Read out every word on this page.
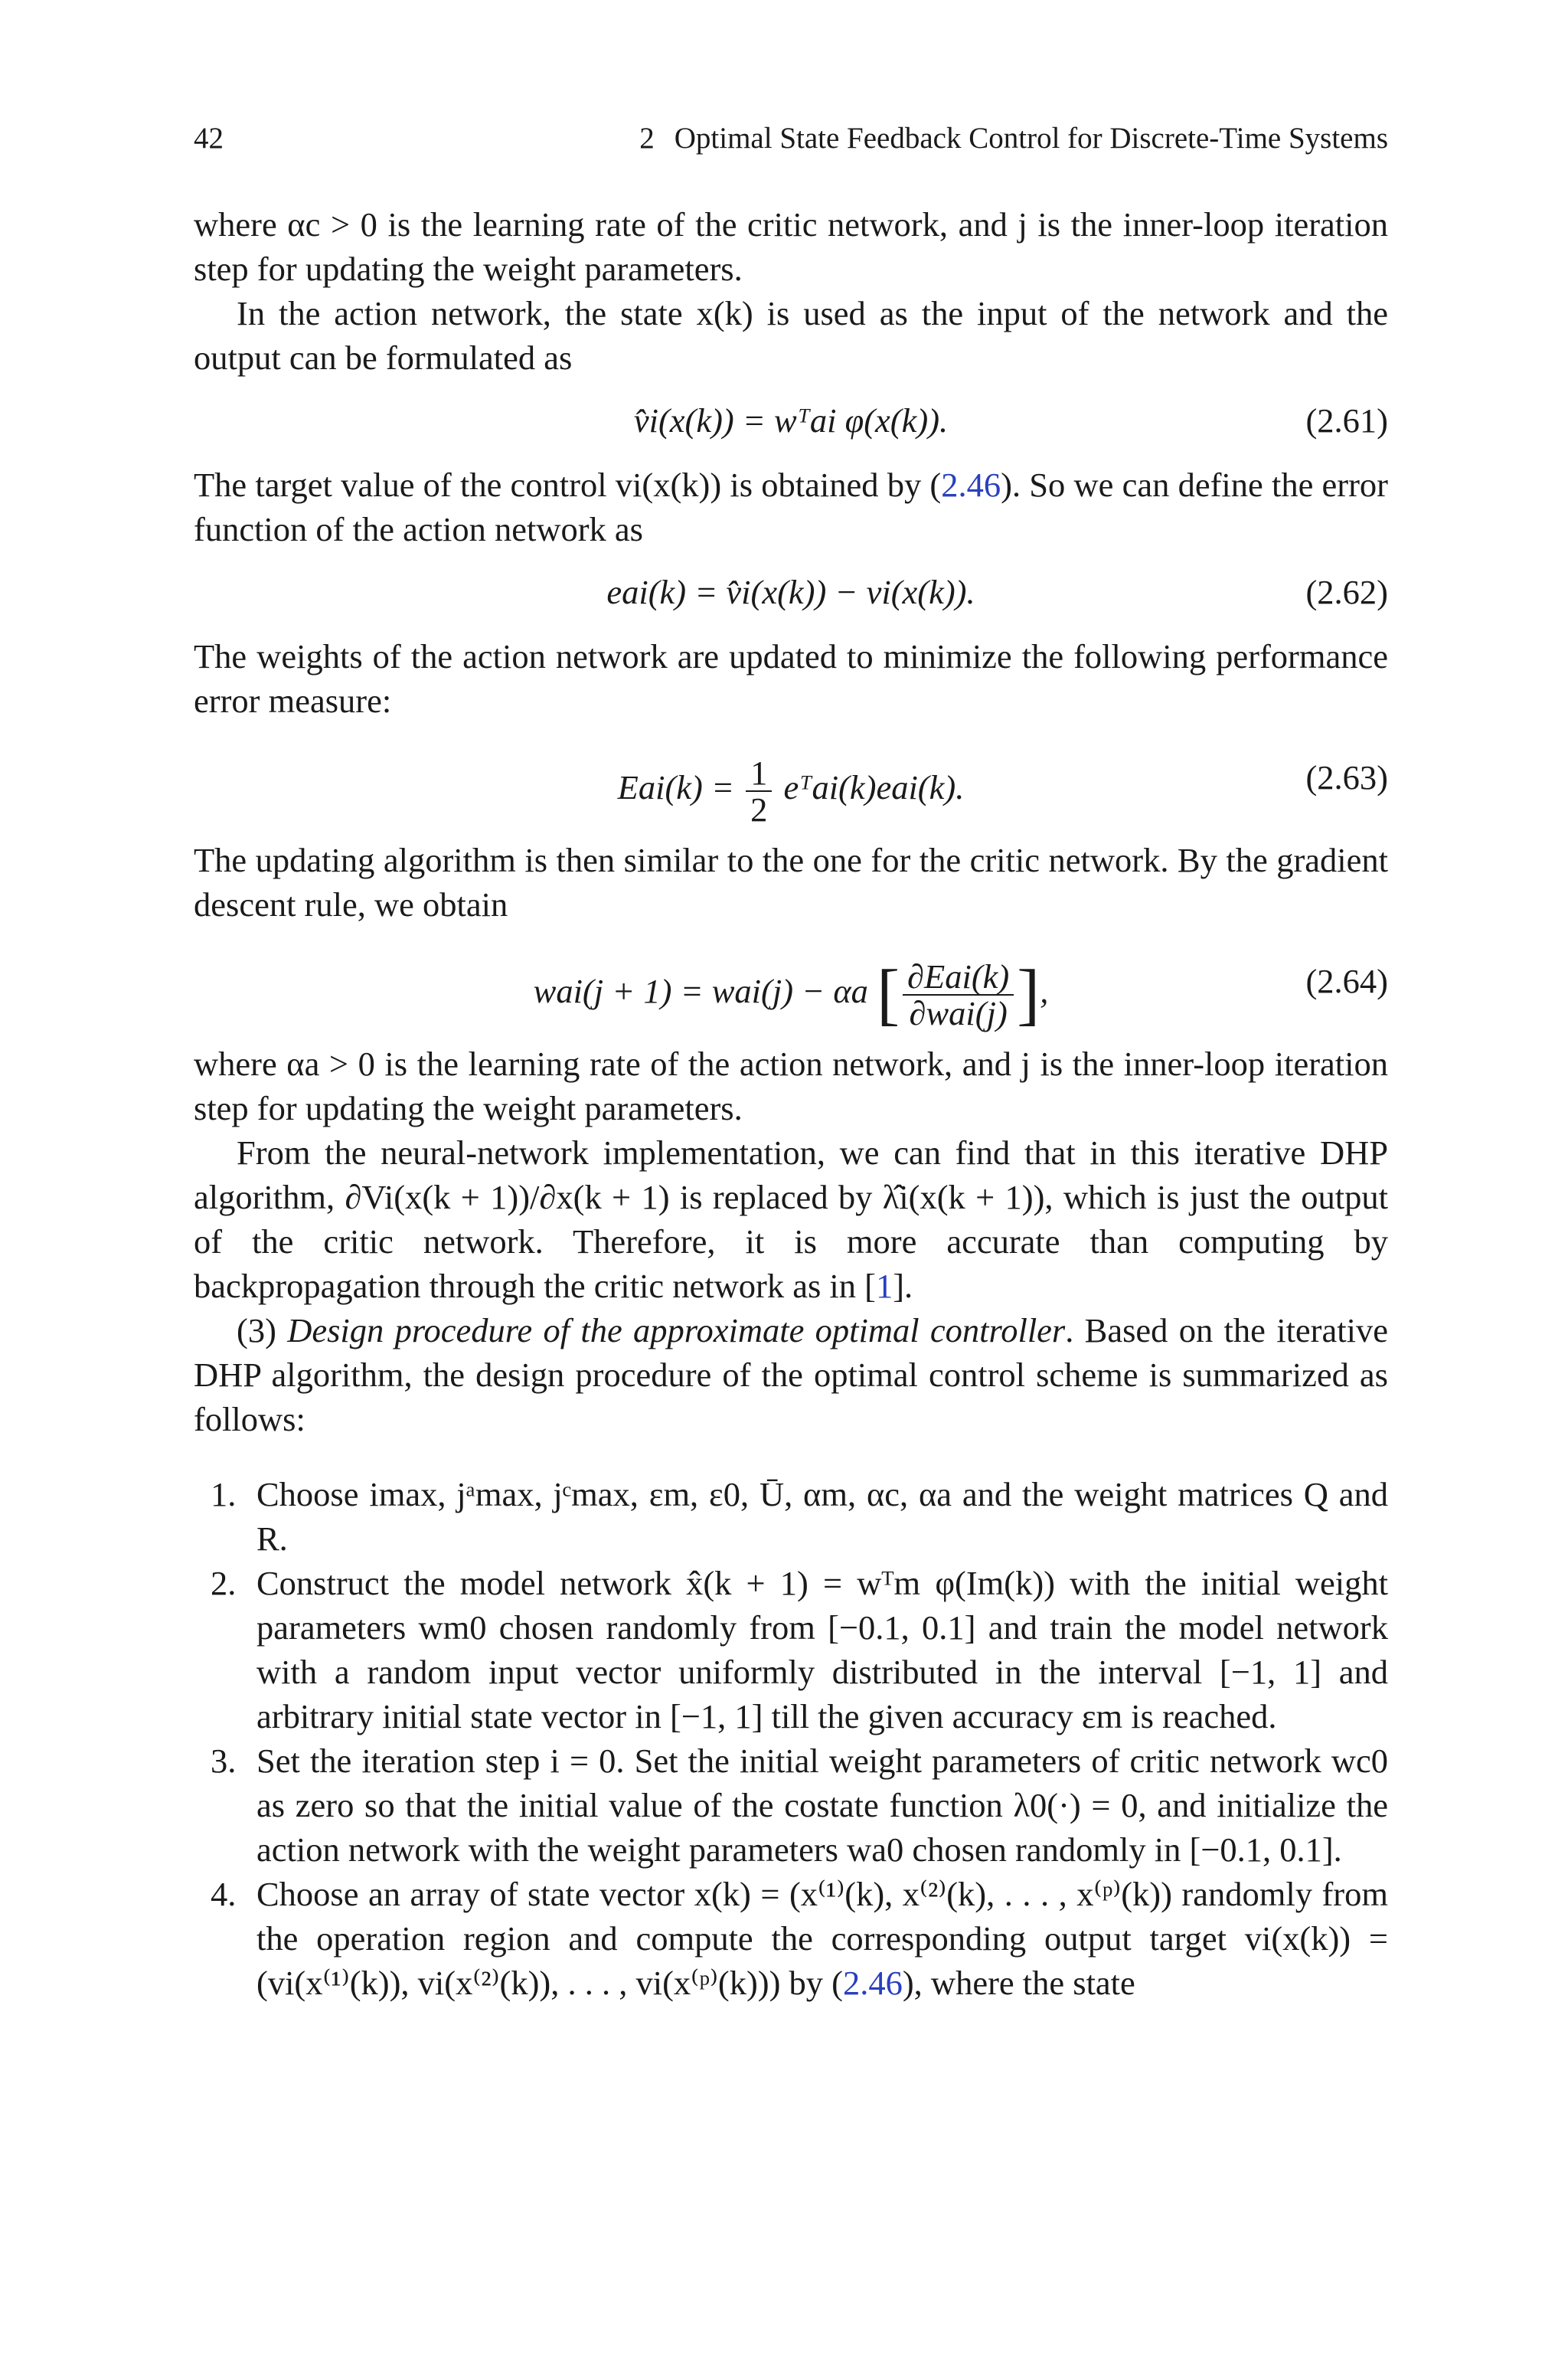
42	2 Optimal State Feedback Control for Discrete-Time Systems

where αc > 0 is the learning rate of the critic network, and j is the inner-loop iteration step for updating the weight parameters.

In the action network, the state x(k) is used as the input of the network and the output can be formulated as

v̂i(x(k)) = wᵀai φ(x(k)).	(2.61)

The target value of the control vi(x(k)) is obtained by (2.46). So we can define the error function of the action network as

eai(k) = v̂i(x(k)) − vi(x(k)).	(2.62)

The weights of the action network are updated to minimize the following performance error measure:

$Eai(k) = \frac{1}{2}$ eᵀai(k)eai(k).	(2.63)

The updating algorithm is then similar to the one for the critic network. By the gradient descent rule, we obtain

wai(j + 1) = wai(j) − αa [ $\frac{\text{∂Eai(k)}}{\text{∂wai(j)}}$ ],	(2.64)

where αa > 0 is the learning rate of the action network, and j is the inner-loop iteration step for updating the weight parameters.

From the neural-network implementation, we can find that in this iterative DHP algorithm, ∂Vi(x(k + 1))/∂x(k + 1) is replaced by λ̂i(x(k + 1)), which is just the output of the critic network. Therefore, it is more accurate than computing by backpropagation through the critic network as in [1].

(3) Design procedure of the approximate optimal controller. Based on the iterative DHP algorithm, the design procedure of the optimal control scheme is summarized as follows:

1. Choose imax, jᵃmax, jᶜmax, εm, ε0, Ū, αm, αc, αa and the weight matrices Q and R.
2. Construct the model network x̂(k + 1) = wᵀm φ(Im(k)) with the initial weight parameters wm0 chosen randomly from [−0.1, 0.1] and train the model network with a random input vector uniformly distributed in the interval [−1, 1] and arbitrary initial state vector in [−1, 1] till the given accuracy εm is reached.
3. Set the iteration step i = 0. Set the initial weight parameters of critic network wc0 as zero so that the initial value of the costate function λ0(·) = 0, and initialize the action network with the weight parameters wa0 chosen randomly in [−0.1, 0.1].
4. Choose an array of state vector x(k) = (x⁽¹⁾(k), x⁽²⁾(k), . . . , x⁽ᵖ⁾(k)) randomly from the operation region and compute the corresponding output target vi(x(k)) = (vi(x⁽¹⁾(k)), vi(x⁽²⁾(k)), . . . , vi(x⁽ᵖ⁾(k))) by (2.46), where the state
